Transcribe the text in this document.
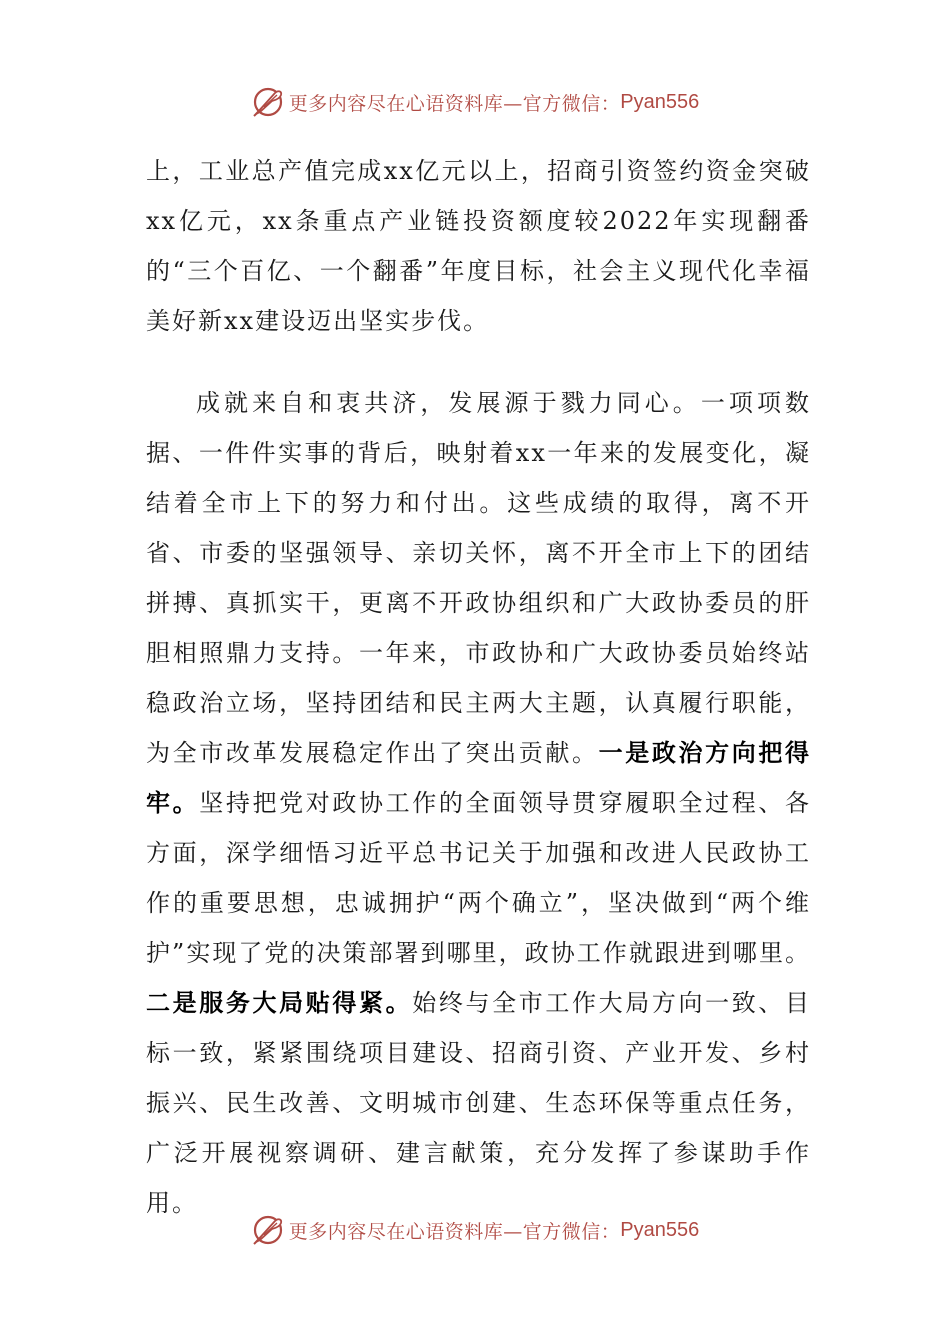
更多内容尽在心语资料库—官方微信： Pyan556

上，工业总产值完成xx亿元以上，招商引资签约资金突破xx亿元，xx条重点产业链投资额度较2022年实现翻番的“三个百亿、一个翻番”年度目标，社会主义现代化幸福美好新xx建设迈出坚实步伐。

成就来自和衷共济，发展源于戮力同心。一项项数据、一件件实事的背后，映射着xx一年来的发展变化，凝结着全市上下的努力和付出。这些成绩的取得，离不开省、市委的坚强领导、亲切关怀，离不开全市上下的团结拼搏、真抓实干，更离不开政协组织和广大政协委员的肝胆相照鼎力支持。一年来，市政协和广大政协委员始终站稳政治立场，坚持团结和民主两大主题，认真履行职能，为全市改革发展稳定作出了突出贡献。一是政治方向把得牢。坚持把党对政协工作的全面领导贯穿履职全过程、各方面，深学细悟习近平总书记关于加强和改进人民政协工作的重要思想，忠诚拥护“两个确立”，坚决做到“两个维护”实现了党的决策部署到哪里，政协工作就跟进到哪里。二是服务大局贴得紧。始终与全市工作大局方向一致、目标一致，紧紧围绕项目建设、招商引资、产业开发、乡村振兴、民生改善、文明城市创建、生态环保等重点任务，广泛开展视察调研、建言献策，充分发挥了参谋助手作用。

更多内容尽在心语资料库—官方微信： Pyan556
